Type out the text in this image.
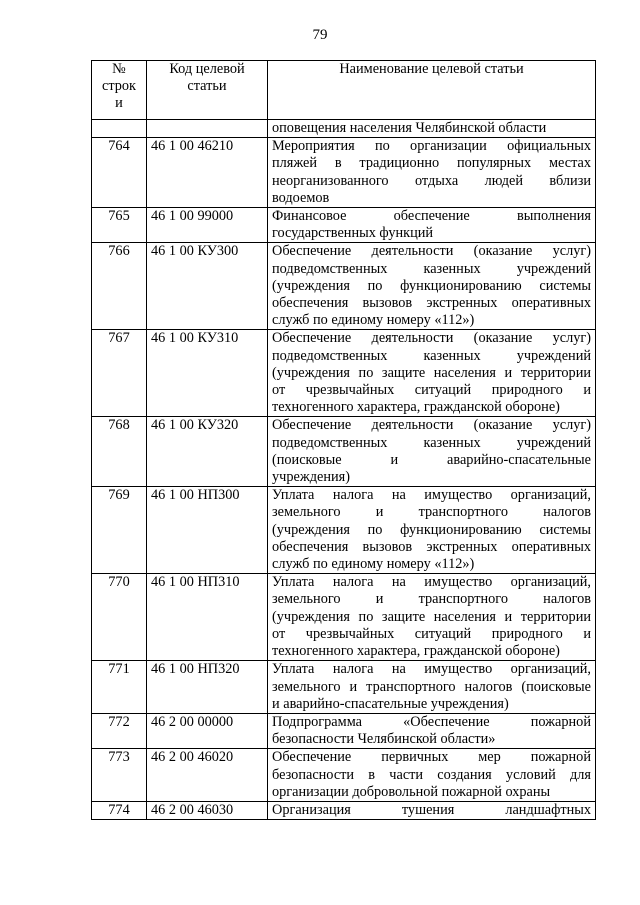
79
№ строк и	Код целевой статьи	Наименование целевой статьи

		оповещения населения Челябинской области

764	46 1 00 46210	Мероприятия по организации официальных
пляжей в традиционно популярных местах
неорганизованного отдыха людей вблизи
водоемов

765	46 1 00 99000	Финансовое обеспечение выполнения
государственных функций

766	46 1 00 КУ300	Обеспечение деятельности (оказание услуг)
подведомственных казенных учреждений
(учреждения по функционированию системы
обеспечения вызовов экстренных оперативных
служб по единому номеру «112»)

767	46 1 00 КУ310	Обеспечение деятельности (оказание услуг)
подведомственных казенных учреждений
(учреждения по защите населения и территории
от чрезвычайных ситуаций природного и
техногенного характера, гражданской обороне)

768	46 1 00 КУ320	Обеспечение деятельности (оказание услуг)
подведомственных казенных учреждений
(поисковые и аварийно-спасательные
учреждения)

769	46 1 00 НП300	Уплата налога на имущество организаций,
земельного и транспортного налогов
(учреждения по функционированию системы
обеспечения вызовов экстренных оперативных
служб по единому номеру «112»)

770	46 1 00 НП310	Уплата налога на имущество организаций,
земельного и транспортного налогов
(учреждения по защите населения и территории
от чрезвычайных ситуаций природного и
техногенного характера, гражданской обороне)

771	46 1 00 НП320	Уплата налога на имущество организаций,
земельного и транспортного налогов (поисковые
и аварийно-спасательные учреждения)

772	46 2 00 00000	Подпрограмма «Обеспечение пожарной
безопасности Челябинской области»

773	46 2 00 46020	Обеспечение первичных мер пожарной
безопасности в части создания условий для
организации добровольной пожарной охраны

774	46 2 00 46030	Организация тушения ландшафтных
